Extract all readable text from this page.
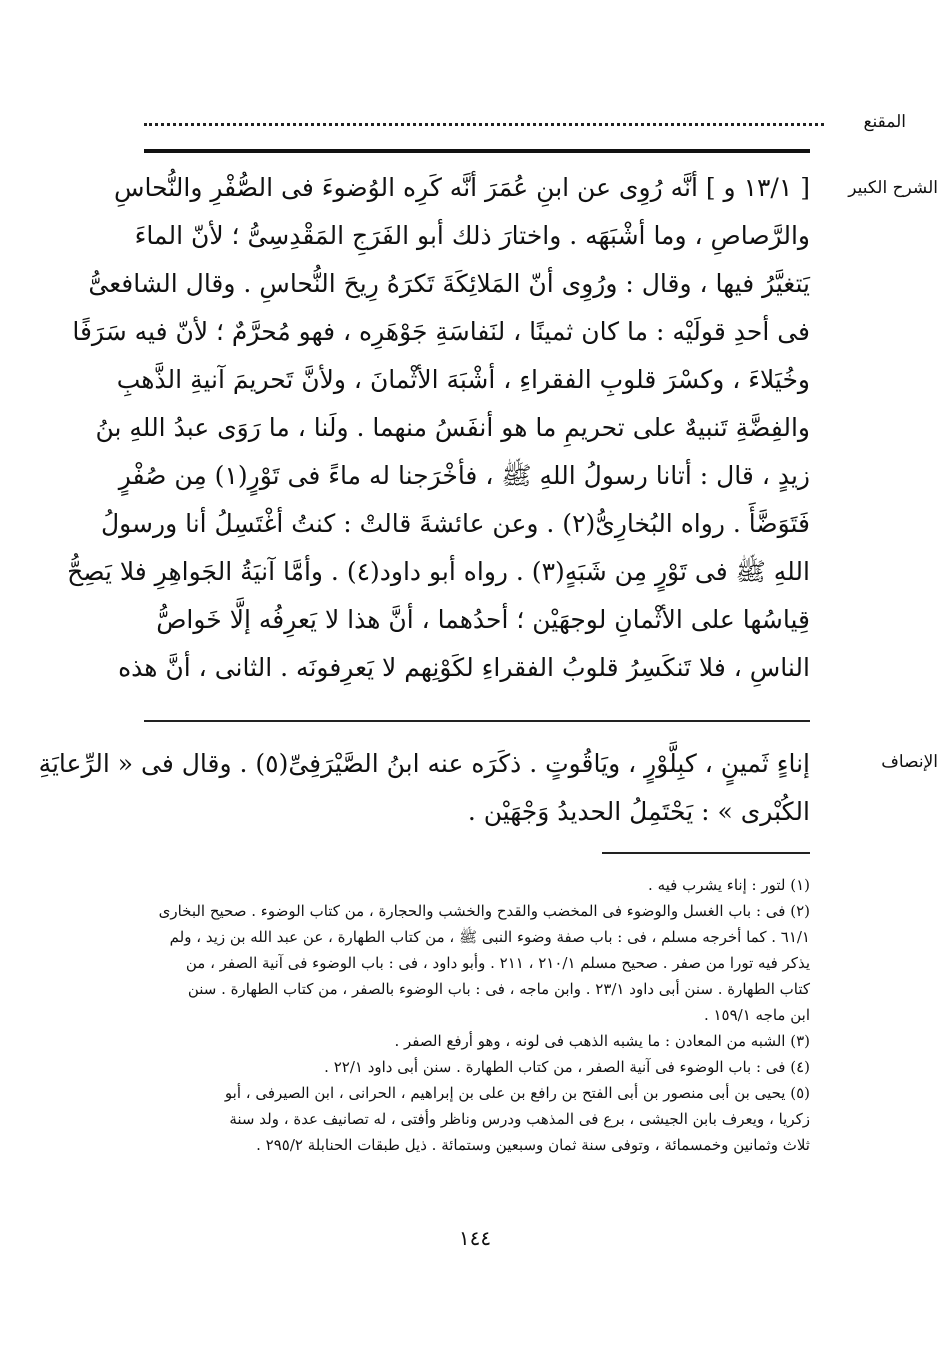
المقنع
الشرح الكبير
[ ١٣/١ و ] أنَّه رُوِى عن ابنِ عُمَرَ أنَّه كَرِه الوُضوءَ فى الصُّفْرِ والنُّحاسِ
والرَّصاصِ ، وما أشْبَهَه . واختارَ ذلك أبو الفَرَجِ المَقْدِسِىُّ ؛ لأنّ الماءَ
يَتغيَّرُ فيها ، وقال : ورُوِى أنّ المَلائِكَةَ تَكرَهُ رِيحَ النُّحاسِ . وقال الشافعىُّ
فى أحدِ قولَيْه : ما كان ثمينًا ، لنَفاسَةِ جَوْهَرِه ، فهو مُحرَّمٌ ؛ لأنّ فيه سَرَفًا
وخُيَلاءَ ، وكسْرَ قلوبِ الفقراءِ ، أشْبَهَ الأثْمانَ ، ولأنَّ تَحريمَ آنيةِ الذَّهبِ
والفِضَّةِ تَنبيهٌ على تحريمِ ما هو أنفَسُ منهما . ولَنا ، ما رَوَى عبدُ اللهِ بنُ
زيدٍ ، قال : أتانا رسولُ اللهِ ﷺ ، فأخْرَجنا له ماءً فى تَوْرٍ(١) مِن صُفْرٍ
فَتَوَضَّأَ . رواه البُخارِىُّ(٢) . وعن عائشةَ قالتْ : كنتُ أغْتَسِلُ أنا ورسولُ
اللهِ ﷺ فى تَوْرٍ مِن شَبَهٍ(٣) . رواه أبو داود(٤) . وأمَّا آنيَةُ الجَواهِرِ فلا يَصِحُّ
قِياسُها على الأثْمانِ لوجهَيْن ؛ أحدُهما ، أنَّ هذا لا يَعرِفُه إلَّا خَواصُّ
الناسِ ، فلا تَنكَسِرُ قلوبُ الفقراءِ لكَوْنِهم لا يَعرِفونَه . الثانى ، أنَّ هذه
الإنصاف
إناءٍ ثَمينٍ ، كبِلَّوْرٍ ، ويَاقُوتٍ . ذكَرَه عنه ابنُ الصَّيْرَفِىِّ(٥) . وقال فى « الرِّعايَةِ
الكُبْرى » : يَحْتَمِلُ الحديدُ وَجْهَيْن .
(١) لتور : إناء يشرب فيه .
(٢) فى : باب الغسل والوضوء فى المخضب والقدح والخشب والحجارة ، من كتاب الوضوء . صحيح البخارى
٦١/١ . كما أخرجه مسلم ، فى : باب صفة وضوء النبى ﷺ ، من كتاب الطهارة ، عن عبد الله بن زيد ، ولم
يذكر فيه تورا من صفر . صحيح مسلم ٢١٠/١ ، ٢١١ . وأبو داود ، فى : باب الوضوء فى آنية الصفر ، من
كتاب الطهارة . سنن أبى داود ٢٣/١ . وابن ماجه ، فى : باب الوضوء بالصفر ، من كتاب الطهارة . سنن
ابن ماجه ١٥٩/١ .
(٣) الشبه من المعادن : ما يشبه الذهب فى لونه ، وهو أرفع الصفر .
(٤) فى : باب الوضوء فى آنية الصفر ، من كتاب الطهارة . سنن أبى داود ٢٢/١ .
(٥) يحيى بن أبى منصور بن أبى الفتح بن رافع بن على بن إبراهيم ، الحرانى ، ابن الصيرفى ، أبو
زكريا ، ويعرف بابن الجيشى ، برع فى المذهب ودرس وناظر وأفتى ، له تصانيف عدة ، ولد سنة
ثلاث وثمانين وخمسمائة ، وتوفى سنة ثمان وسبعين وستمائة . ذيل طبقات الحنابلة ٢٩٥/٢ .
١٤٤
